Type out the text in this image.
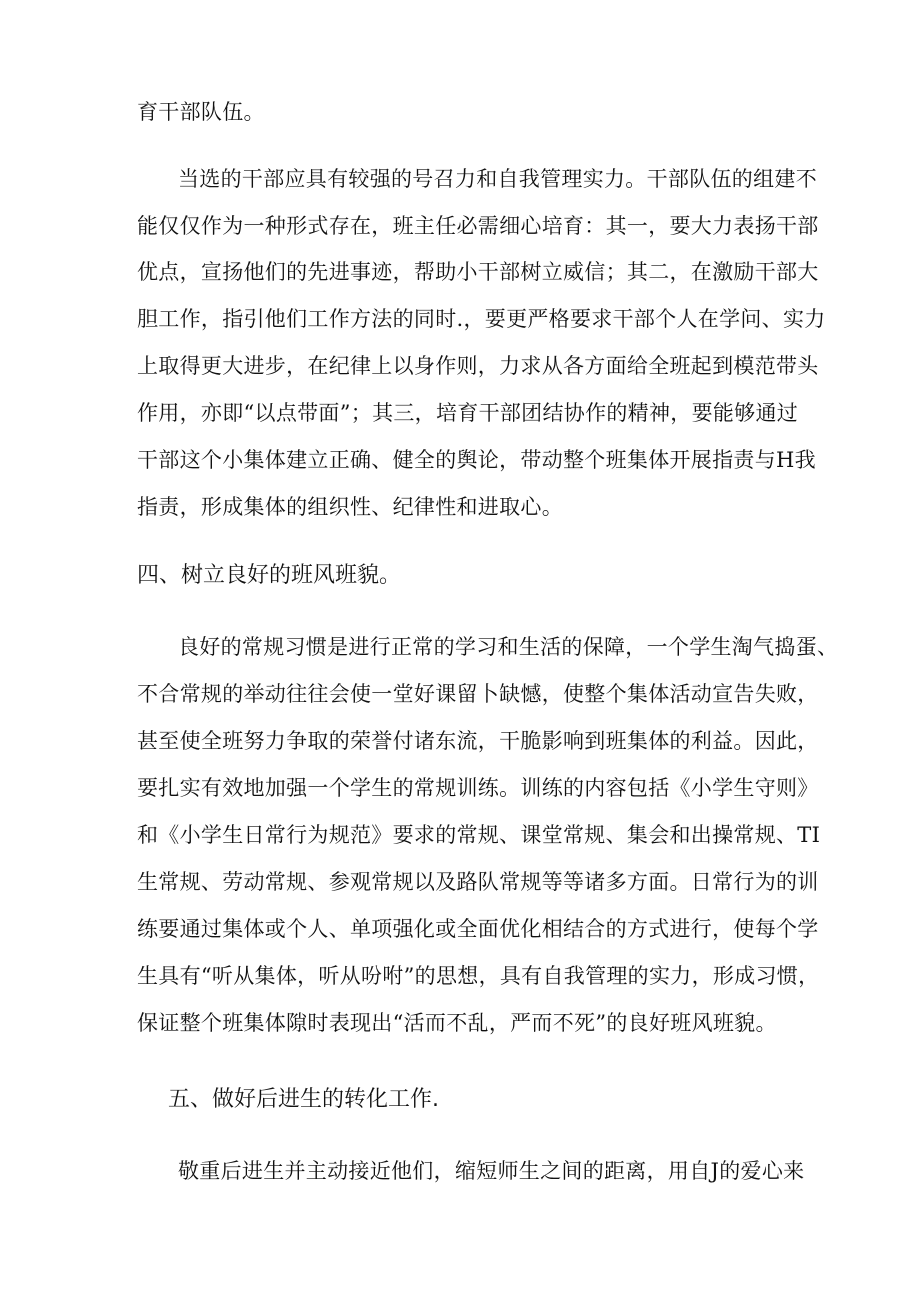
育干部队伍。
当选的干部应具有较强的号召力和自我管理实力。干部队伍的组建不
能仅仅作为一种形式存在，班主任必需细心培育：其一，要大力表扬干部
优点，宣扬他们的先进事迹，帮助小干部树立威信；其二，在激励干部大
胆工作，指引他们工作方法的同时.，要更严格要求干部个人在学问、实力
上取得更大进步，在纪律上以身作则，力求从各方面给全班起到模范带头
作用，亦即“以点带面”；其三，培育干部团结协作的精神，要能够通过
干部这个小集体建立正确、健全的舆论，带动整个班集体开展指责与H我
指责，形成集体的组织性、纪律性和进取心。
四、树立良好的班风班貌。
良好的常规习惯是进行正常的学习和生活的保障，一个学生淘气捣蛋、
不合常规的举动往往会使一堂好课留卜缺憾，使整个集体活动宣告失败，
甚至使全班努力争取的荣誉付诸东流，干脆影响到班集体的利益。因此，
要扎实有效地加强一个学生的常规训练。训练的内容包括《小学生守则》
和《小学生日常行为规范》要求的常规、课堂常规、集会和出操常规、TI
生常规、劳动常规、参观常规以及路队常规等等诸多方面。日常行为的训
练要通过集体或个人、单项强化或全面优化相结合的方式进行，使每个学
生具有“听从集体，听从吩咐”的思想，具有自我管理的实力，形成习惯，
保证整个班集体隙时表现出“活而不乱，严而不死”的良好班风班貌。
五、做好后进生的转化工作.
敬重后进生并主动接近他们，缩短师生之间的距离，用自J的爱心来
